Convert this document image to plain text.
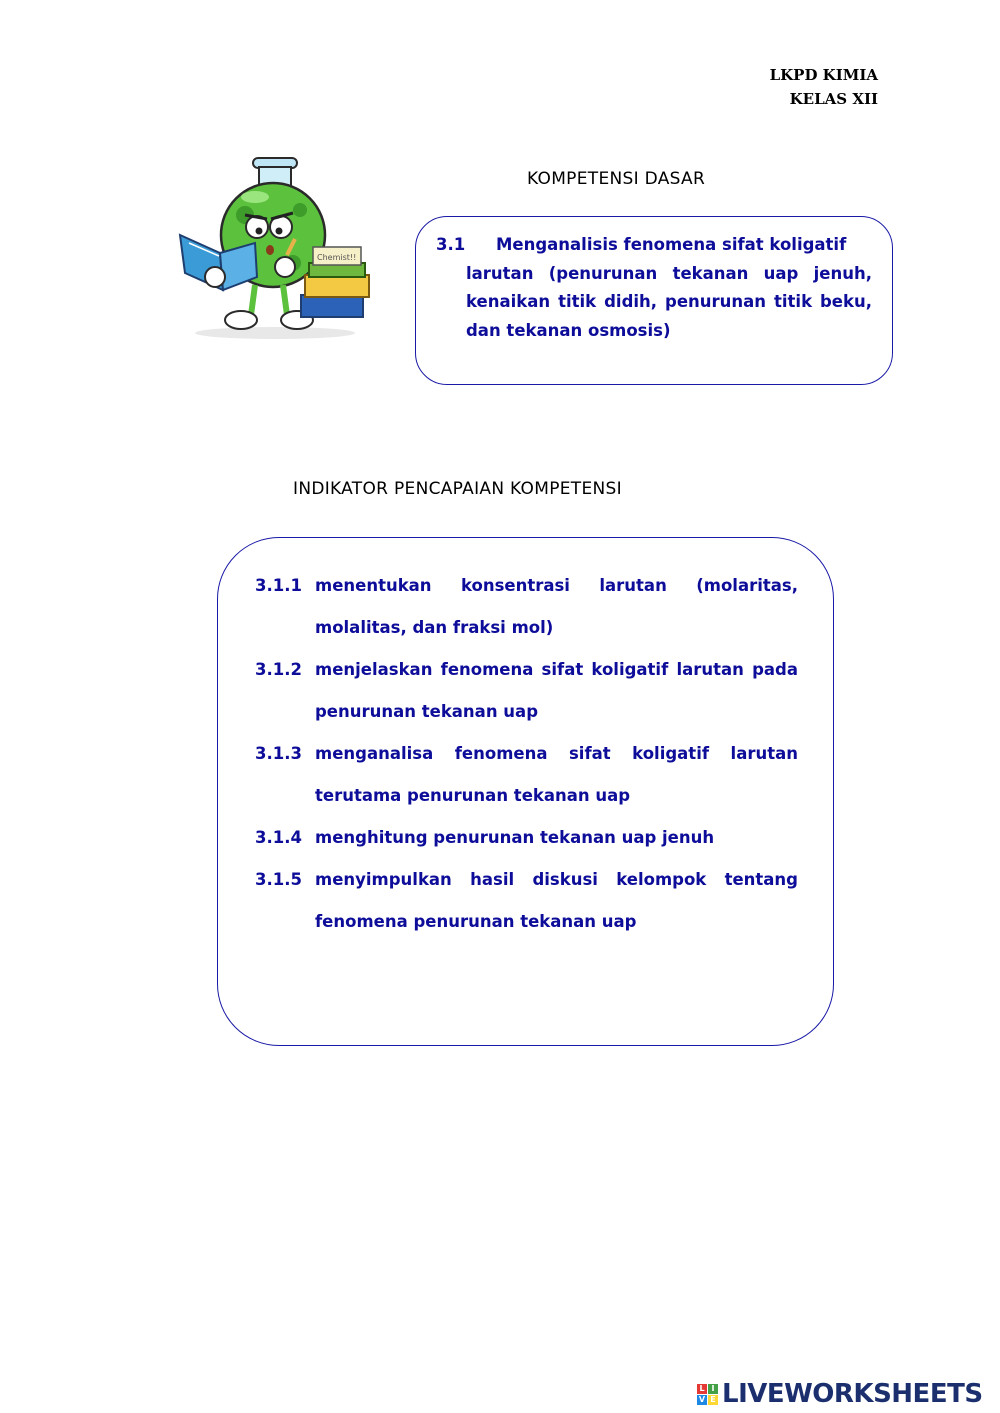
LKPD KIMIA
KELAS XII
Chemist!!
KOMPETENSI DASAR
3.1 Menganalisis fenomena sifat koligatif
larutan (penurunan tekanan uap jenuh, kenaikan titik didih, penurunan titik beku, dan tekanan osmosis)
INDIKATOR PENCAPAIAN KOMPETENSI
3.1.1 menentukan konsentrasi larutan (molaritas, molalitas, dan fraksi mol)
3.1.2 menjelaskan fenomena sifat koligatif larutan pada penurunan tekanan uap
3.1.3 menganalisa fenomena sifat koligatif larutan terutama penurunan tekanan uap
3.1.4 menghitung penurunan tekanan uap jenuh
3.1.5 menyimpulkan hasil diskusi kelompok tentang fenomena penurunan tekanan uap
L I
V E LIVEWORKSHEETS
